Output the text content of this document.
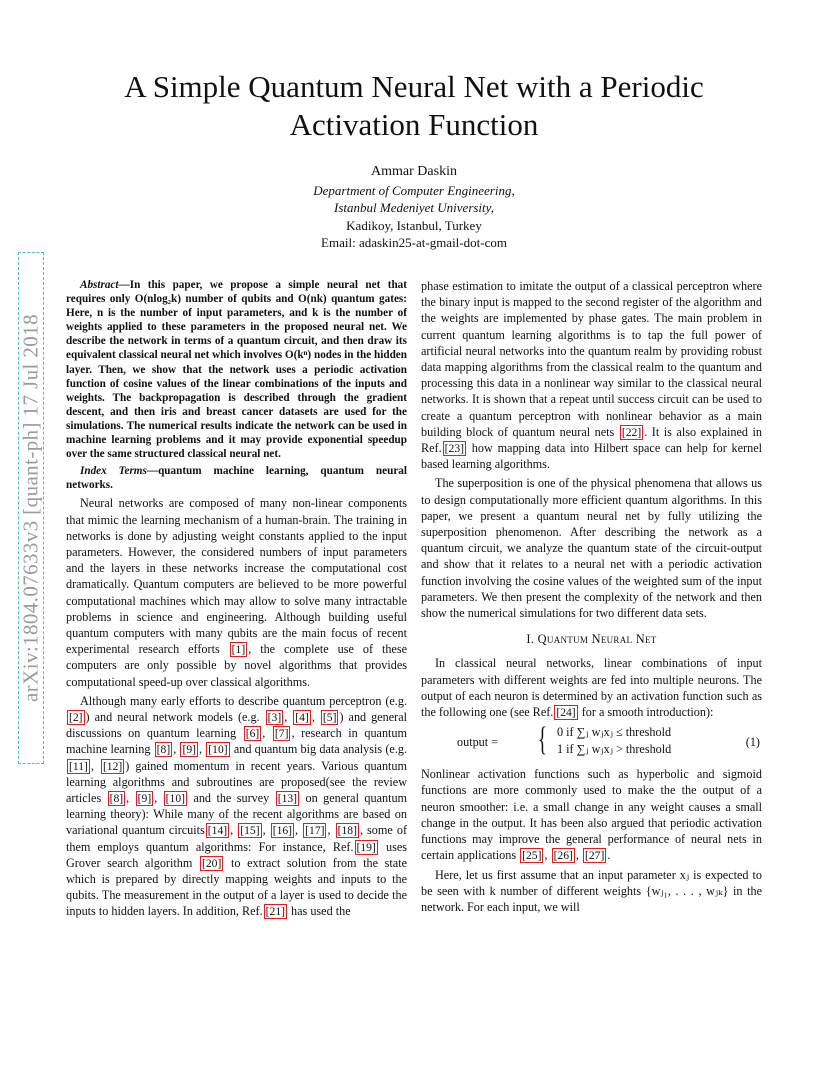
A Simple Quantum Neural Net with a Periodic
Activation Function
Ammar Daskin
Department of Computer Engineering,
Istanbul Medeniyet University,
Kadikoy, Istanbul, Turkey
Email: adaskin25-at-gmail-dot-com
arXiv:1804.07633v3 [quant-ph] 17 Jul 2018

Abstract—In this paper, we propose a simple neural net that requires only O(nlog₂k) number of qubits and O(nk) quantum gates: Here, n is the number of input parameters, and k is the number of weights applied to these parameters in the proposed neural net. We describe the network in terms of a quantum circuit, and then draw its equivalent classical neural net which involves O(kⁿ) nodes in the hidden layer. Then, we show that the network uses a periodic activation function of cosine values of the linear combinations of the inputs and weights. The backpropagation is described through the gradient descent, and then iris and breast cancer datasets are used for the simulations. The numerical results indicate the network can be used in machine learning problems and it may provide exponential speedup over the same structured classical neural net.

Index Terms—quantum machine learning, quantum neural networks.

Neural networks are composed of many non-linear components that mimic the learning mechanism of a human-brain. The training in networks is done by adjusting weight constants applied to the input parameters. However, the considered numbers of input parameters and the layers in these networks increase the computational cost dramatically. Quantum computers are believed to be more powerful computational machines which may allow to solve many intractable problems in science and engineering. Although building useful quantum computers with many qubits are the main focus of recent experimental research efforts [1] , the complete use of these computers are only possible by novel algorithms that provides computational speed-up over classical algorithms.

Although many early efforts to describe quantum perceptron (e.g. [2] ) and neural network models (e.g. [3] , [4] , [5] ) and general discussions on quantum learning [6] , [7] , research in quantum machine learning [8] , [9] , [10] and quantum big data analysis (e.g. [11] , [12] ) gained momentum in recent years. Various quantum learning algorithms and subroutines are proposed(see the review articles [8] , [9] , [10] and the survey [13] on general quantum learning theory): While many of the recent algorithms are based on variational quantum circuits [14] , [15] , [16] , [17] , [18] , some of them employs quantum algorithms: For instance, Ref. [19] uses Grover search algorithm [20] to extract solution from the state which is prepared by directly mapping weights and inputs to the qubits. The measurement in the output of a layer is used to decide the inputs to hidden layers. In addition, Ref. [21] has used the

phase estimation to imitate the output of a classical perceptron where the binary input is mapped to the second register of the algorithm and the weights are implemented by phase gates. The main problem in current quantum learning algorithms is to tap the full power of artificial neural networks into the quantum realm by providing robust data mapping algorithms from the classical realm to the quantum and processing this data in a nonlinear way similar to the classical neural networks. It is shown that a repeat until success circuit can be used to create a quantum perceptron with nonlinear behavior as a main building block of quantum neural nets [22] . It is also explained in Ref. [23] how mapping data into Hilbert space can help for kernel based learning algorithms.

The superposition is one of the physical phenomena that allows us to design computationally more efficient quantum algorithms. In this paper, we present a quantum neural net by fully utilizing the superposition phenomenon. After describing the network as a quantum circuit, we analyze the quantum state of the circuit-output and show that it relates to a neural net with a periodic activation function involving the cosine values of the weighted sum of the input parameters. We then present the complexity of the network and then show the numerical simulations for two different data sets.

I. Quantum Neural Net

In classical neural networks, linear combinations of input parameters with different weights are fed into multiple neurons. The output of each neuron is determined by an activation function such as the following one (see Ref. [24] for a smooth introduction):

output = { 0 if ∑ⱼ wⱼxⱼ ≤ threshold
1 if ∑ⱼ wⱼxⱼ > threshold	(1)

Nonlinear activation functions such as hyperbolic and sigmoid functions are more commonly used to make the the output of a neuron smoother: i.e. a small change in any weight causes a small change in the output. It has been also argued that periodic activation functions may improve the general performance of neural nets in certain applications [25] , [26] , [27] .

Here, let us first assume that an input parameter xⱼ is expected to be seen with k number of different weights {wⱼ₁, . . . , wⱼₖ} in the network. For each input, we will
